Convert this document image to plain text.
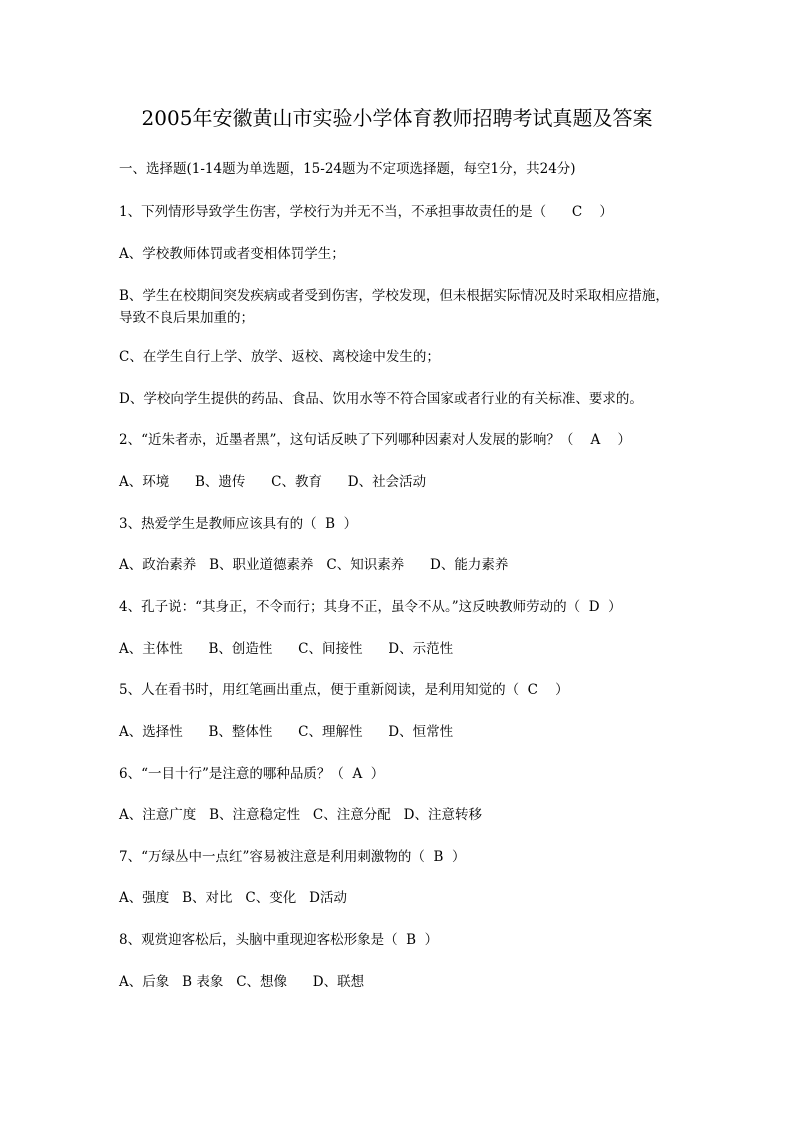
2005年安徽黄山市实验小学体育教师招聘考试真题及答案
一、选择题(1-14题为单选题，15-24题为不定项选择题，每空1分，共24分)
1、下列情形导致学生伤害，学校行为并无不当，不承担事故责任的是（      C    ）
A、学校教师体罚或者变相体罚学生；
B、学生在校期间突发疾病或者受到伤害，学校发现，但未根据实际情况及时采取相应措施，导致不良后果加重的；
C、在学生自行上学、放学、返校、离校途中发生的；
D、学校向学生提供的药品、食品、饮用水等不符合国家或者行业的有关标准、要求的。
2、“近朱者赤，近墨者黑”，这句话反映了下列哪种因素对人发展的影响？（    A    ）
A、环境      B、遗传      C、教育      D、社会活动
3、热爱学生是教师应该具有的（  B  ）
A、政治素养   B、职业道德素养   C、知识素养      D、能力素养
4、孔子说：“其身正，不令而行；其身不正，虽令不从。”这反映教师劳动的（  D  ）
A、主体性      B、创造性      C、间接性      D、示范性
5、人在看书时，用红笔画出重点，便于重新阅读，是利用知觉的（  C    ）
A、选择性      B、整体性      C、理解性      D、恒常性
6、“一目十行”是注意的哪种品质？（  A  ）
A、注意广度   B、注意稳定性   C、注意分配   D、注意转移
7、“万绿丛中一点红”容易被注意是利用刺激物的（  B  ）
A、强度   B、对比   C、变化   D活动
8、观赏迎客松后，头脑中重现迎客松形象是（  B  ）
A、后象   B 表象   C、想像      D、联想
